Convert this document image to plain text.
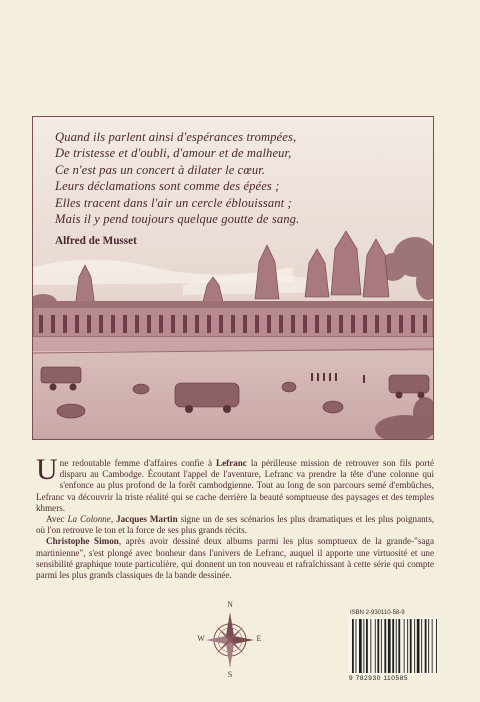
Quand ils parlent ainsi d'espérances trompées,
De tristesse et d'oubli, d'amour et de malheur,
Ce n'est pas un concert à dilater le cœur.
Leurs déclamations sont comme des épées ;
Elles tracent dans l'air un cercle éblouissant ;
Mais il y pend toujours quelque goutte de sang.
Alfred de Musset

Une redoutable femme d'affaires confie à Lefranc la périlleuse mission de retrouver son fils porté disparu au Cambodge. Écoutant l'appel de l'aventure, Lefranc va prendre la tête d'une colonne qui s'enfonce au plus profond de la forêt cambodgienne. Tout au long de son parcours semé d'embûches, Lefranc va découvrir la triste réalité qui se cache derrière la beauté somptueuse des paysages et des temples khmers.

Avec La Colonne, Jacques Martin signe un de ses scénarios les plus dramatiques et les plus poignants, où l'on retrouve le ton et la force de ses plus grands récits.

Christophe Simon, après avoir dessiné deux albums parmi les plus somptueux de la grande-"saga martinienne", s'est plongé avec bonheur dans l'univers de Lefranc, auquel il apporte une virtuosité et une sensibilité graphique toute particulière, qui donnent un ton nouveau et rafraîchissant à cette série qui compte parmi les plus grands classiques de la bande dessinée.

N
W	E
S
ISBN 2-930110-58-9
9 782930 110585
